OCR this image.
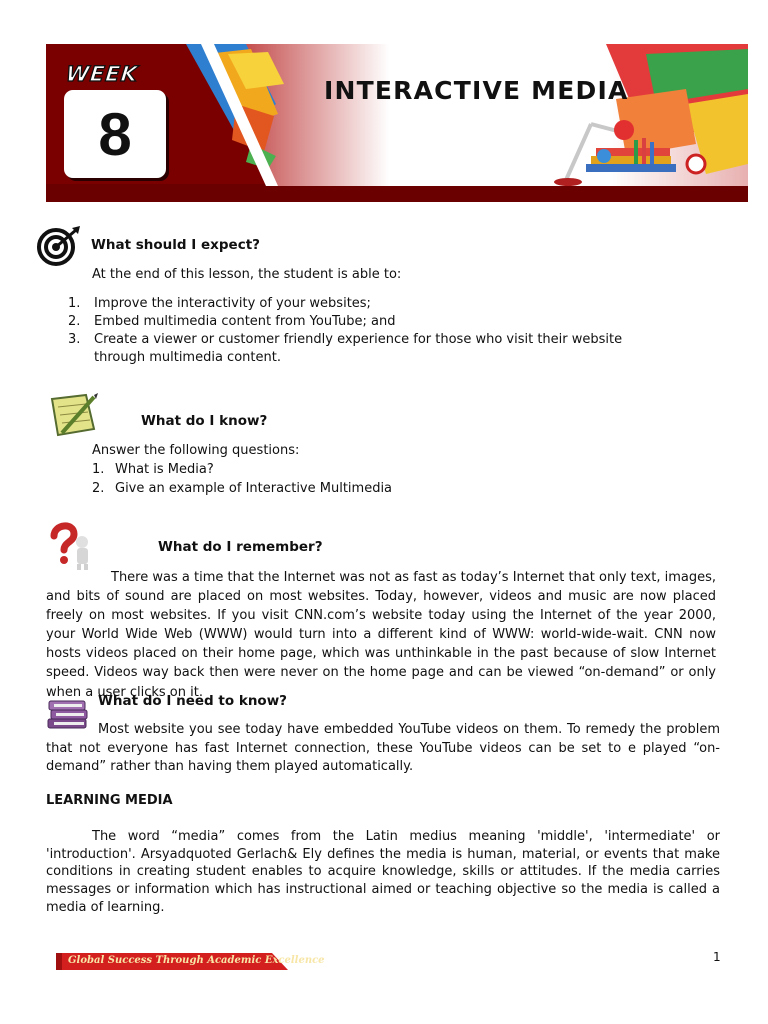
WEEK
8
INTERACTIVE MEDIA
What should I expect?
At the end of this lesson, the student is able to:
1. Improve the interactivity of your websites;
2. Embed multimedia content from YouTube; and
3. Create a viewer or customer friendly experience for those who visit their website through multimedia content.
What do I know?
Answer the following questions:
1. What is Media?
2. Give an example of Interactive Multimedia
What do I remember?
There was a time that the Internet was not as fast as today’s Internet that only text, images, and bits of sound are placed on most websites. Today, however, videos and music are now placed freely on most websites. If you visit CNN.com’s website today using the Internet of the year 2000, your World Wide Web (WWW) would turn into a different kind of WWW: world-wide-wait. CNN now hosts videos placed on their home page, which was unthinkable in the past because of slow Internet speed. Videos way back then were never on the home page and can be viewed “on-demand” or only when a user clicks on it.
What do I need to know?
Most website you see today have embedded YouTube videos on them. To remedy the problem that not everyone has fast Internet connection, these YouTube videos can be set to e played “on-demand” rather than having them played automatically.
LEARNING MEDIA
The word “media” comes from the Latin medius meaning 'middle', 'intermediate' or 'introduction'. Arsyadquoted Gerlach& Ely defines the media is human, material, or events that make conditions in creating student enables to acquire knowledge, skills or attitudes. If the media carries messages or information which has instructional aimed or teaching objective so the media is called a media of learning.
Global Success Through Academic Excellence	1
